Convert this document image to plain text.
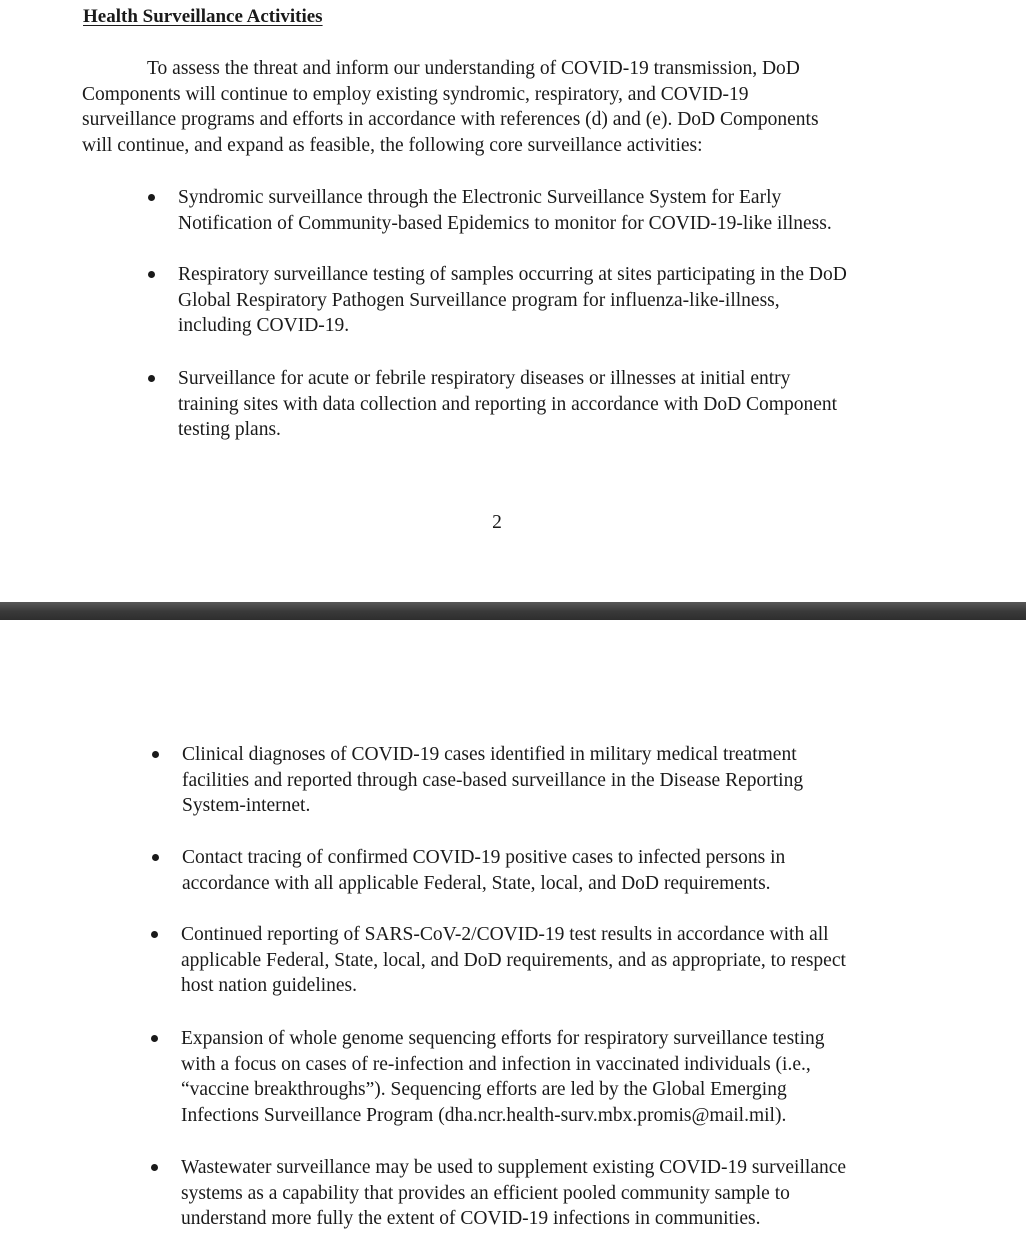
Health Surveillance Activities
To assess the threat and inform our understanding of COVID-19 transmission, DoD
Components will continue to employ existing syndromic, respiratory, and COVID-19
surveillance programs and efforts in accordance with references (d) and (e). DoD Components
will continue, and expand as feasible, the following core surveillance activities:
Syndromic surveillance through the Electronic Surveillance System for Early
Notification of Community-based Epidemics to monitor for COVID-19-like illness.
Respiratory surveillance testing of samples occurring at sites participating in the DoD
Global Respiratory Pathogen Surveillance program for influenza-like-illness,
including COVID-19.
Surveillance for acute or febrile respiratory diseases or illnesses at initial entry
training sites with data collection and reporting in accordance with DoD Component
testing plans.
2
Clinical diagnoses of COVID-19 cases identified in military medical treatment
facilities and reported through case-based surveillance in the Disease Reporting
System-internet.
Contact tracing of confirmed COVID-19 positive cases to infected persons in
accordance with all applicable Federal, State, local, and DoD requirements.
Continued reporting of SARS-CoV-2/COVID-19 test results in accordance with all
applicable Federal, State, local, and DoD requirements, and as appropriate, to respect
host nation guidelines.
Expansion of whole genome sequencing efforts for respiratory surveillance testing
with a focus on cases of re-infection and infection in vaccinated individuals (i.e.,
“vaccine breakthroughs”). Sequencing efforts are led by the Global Emerging
Infections Surveillance Program (dha.ncr.health-surv.mbx.promis@mail.mil).
Wastewater surveillance may be used to supplement existing COVID-19 surveillance
systems as a capability that provides an efficient pooled community sample to
understand more fully the extent of COVID-19 infections in communities.
